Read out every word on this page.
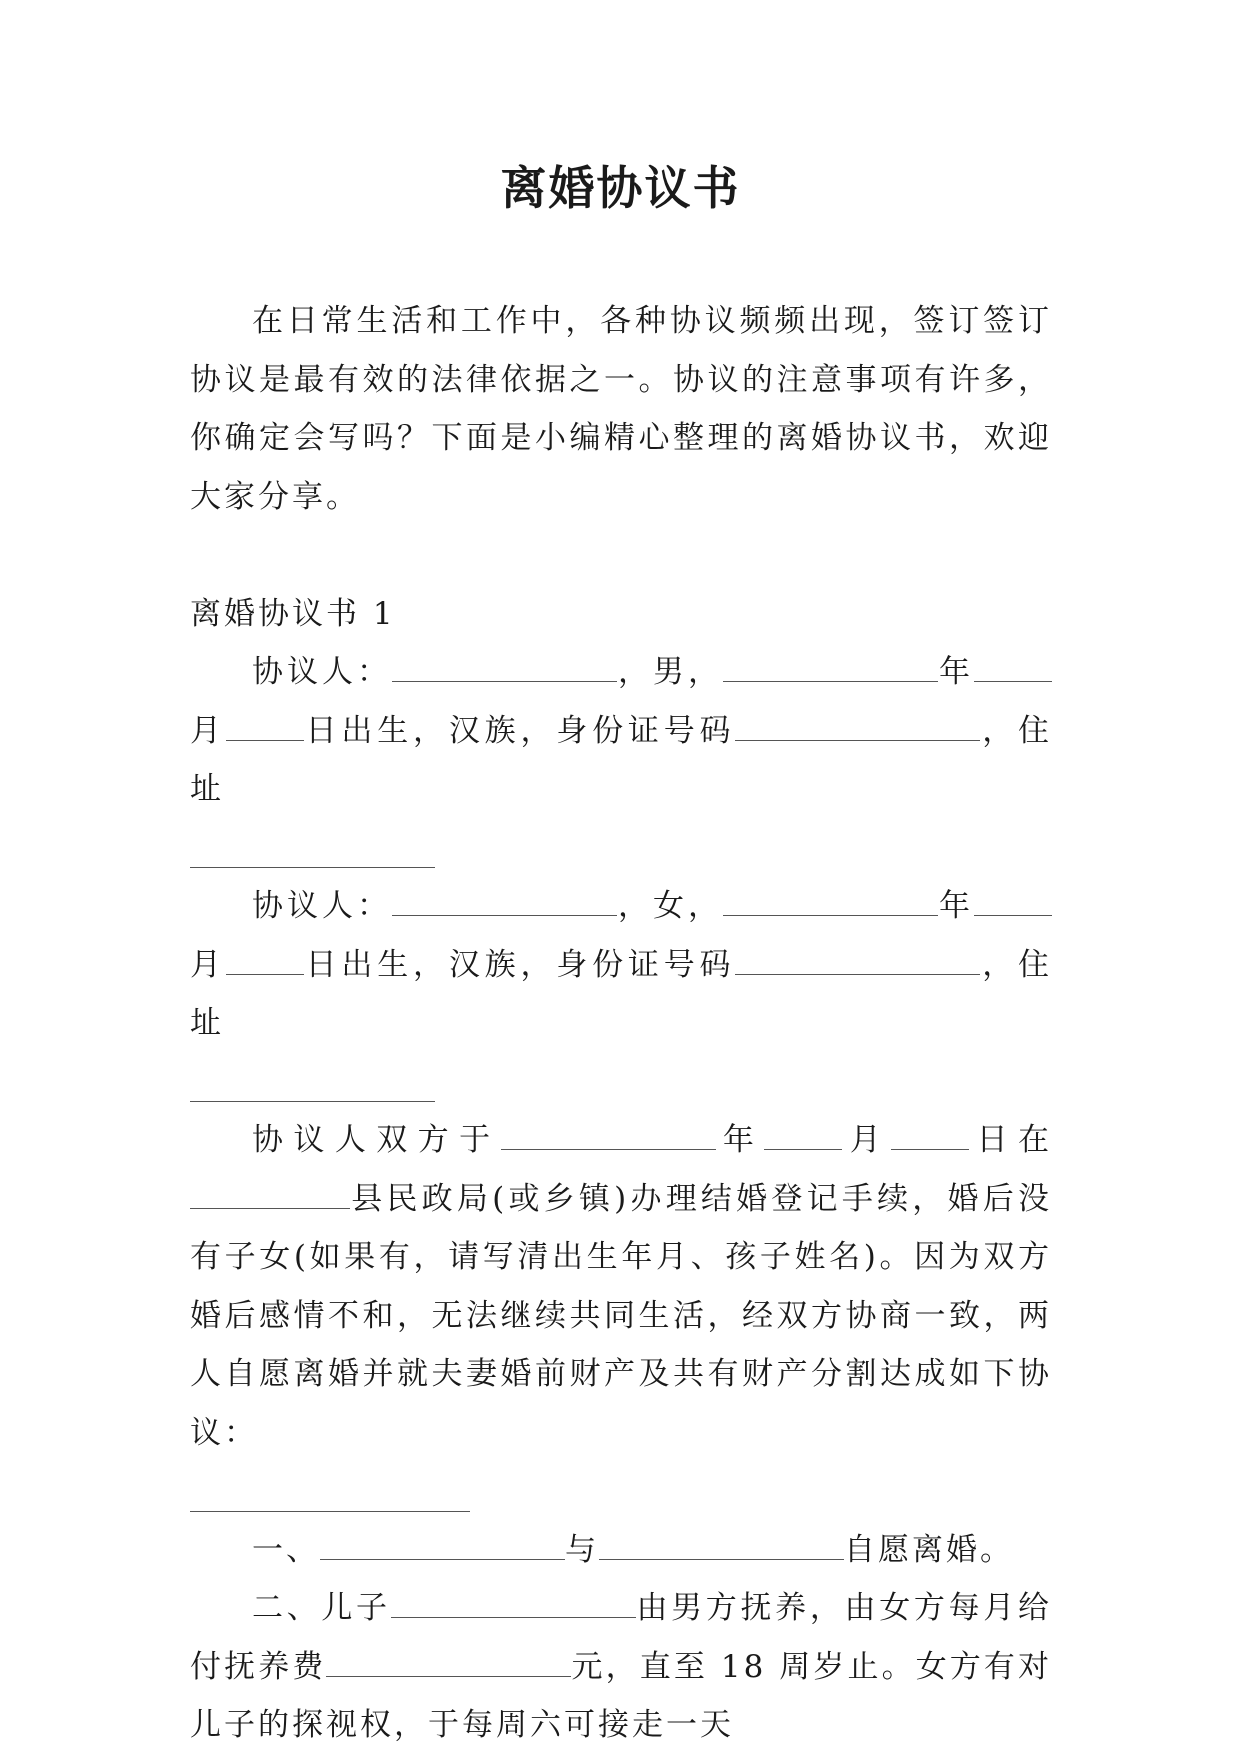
离婚协议书

在日常生活和工作中，各种协议频频出现，签订签订协议是最有效的法律依据之一。协议的注意事项有许多，你确定会写吗？下面是小编精心整理的离婚协议书，欢迎大家分享。

离婚协议书 1

协议人：	，男，	年月	日出生，汉族，身份证号码	，住址

协议人：	，女，	年月	日出生，汉族，身份证号码	，住址

协议人双方于	年	月	日在县民政局(或乡镇)办理结婚登记手续，婚后没有子女(如果有，请写清出生年月、孩子姓名)。因为双方婚后感情不和，无法继续共同生活，经双方协商一致，两人自愿离婚并就夫妻婚前财产及共有财产分割达成如下协议：

一、	与	自愿离婚。

二、儿子	由男方抚养，由女方每月给付抚养费	元，直至 18 周岁止。女方有对儿子的探视权，于每周六可接走一天
